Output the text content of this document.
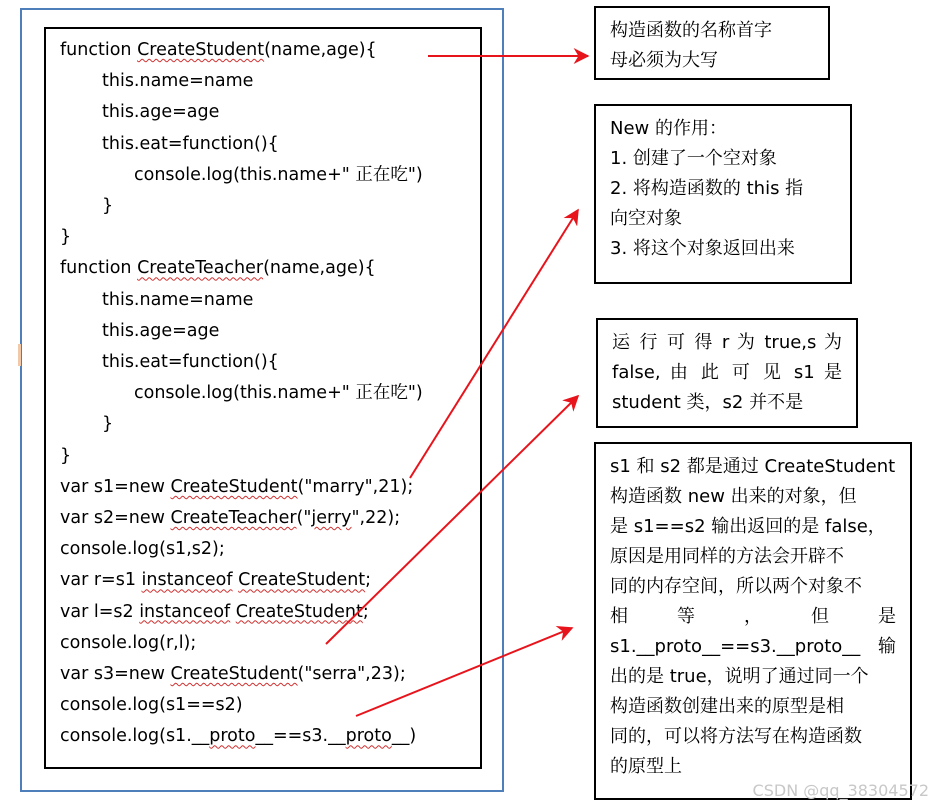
function CreateStudent(name,age){
this.name=name
this.age=age
this.eat=function(){
console.log(this.name+" 正在吃")
}
}
function CreateTeacher(name,age){
this.name=name
this.age=age
this.eat=function(){
console.log(this.name+" 正在吃")
}
}
var s1=new CreateStudent("marry",21);
var s2=new CreateTeacher("jerry",22);
console.log(s1,s2);
var r=s1 instanceof CreateStudent;
var l=s2 instanceof CreateStudent;
console.log(r,l);
var s3=new CreateStudent("serra",23);
console.log(s1==s2)
console.log(s1.__proto__==s3.__proto__)
构造函数的名称首字
母必须为大写
New 的作用：
1. 创建了一个空对象
2. 将构造函数的 this 指
向空对象
3. 将这个对象返回出来
运 行 可 得 r 为 true,s 为
false, 由 此 可 见 s1 是
student 类，s2 并不是
s1 和 s2 都是通过 CreateStudent
构造函数 new 出来的对象，但
是 s1==s2 输出返回的是 false，
原因是用同样的方法会开辟不
同的内存空间，所以两个对象不
相 等 ， 但 是
s1.__proto__==s3.__proto__ 输
出的是 true，说明了通过同一个
构造函数创建出来的原型是相
同的，可以将方法写在构造函数
的原型上
CSDN @qq_38304572
